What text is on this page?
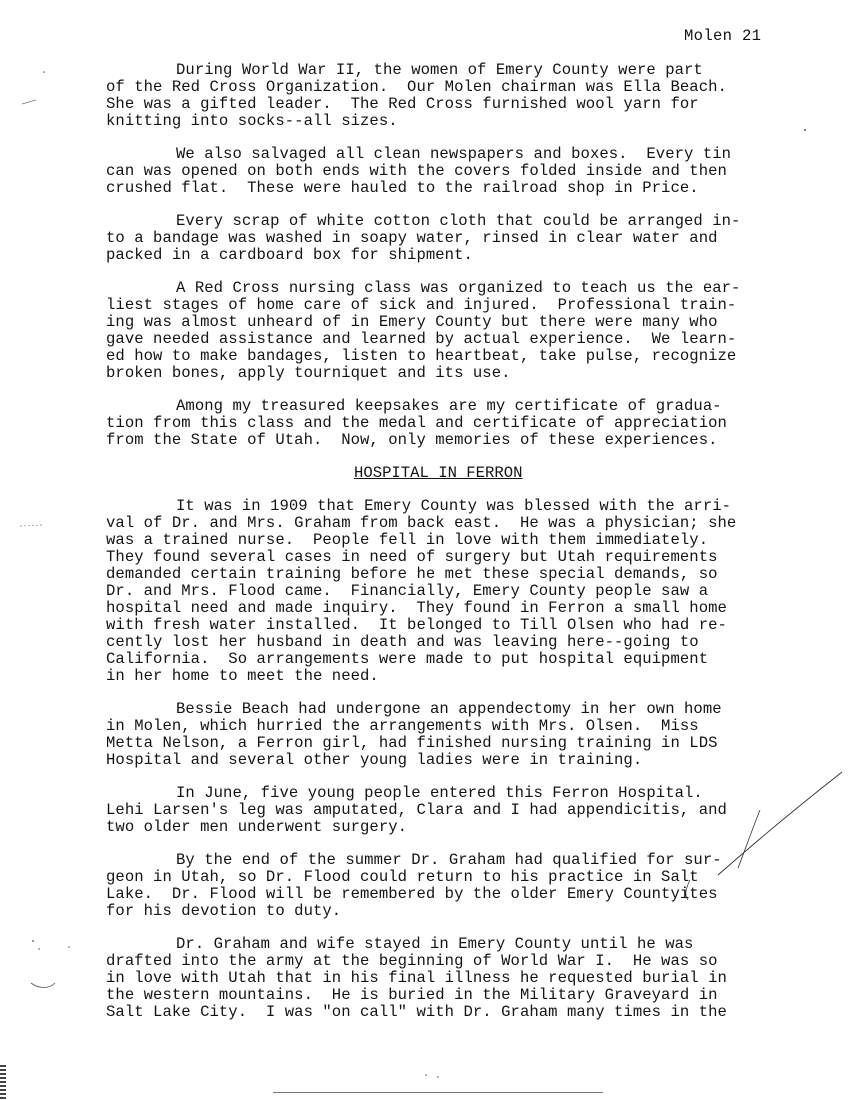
Molen 21
During World War II, the women of Emery County were part
of the Red Cross Organization.  Our Molen chairman was Ella Beach.
She was a gifted leader.  The Red Cross furnished wool yarn for
knitting into socks--all sizes.
We also salvaged all clean newspapers and boxes.  Every tin
can was opened on both ends with the covers folded inside and then
crushed flat.  These were hauled to the railroad shop in Price.
Every scrap of white cotton cloth that could be arranged in-
to a bandage was washed in soapy water, rinsed in clear water and
packed in a cardboard box for shipment.
A Red Cross nursing class was organized to teach us the ear-
liest stages of home care of sick and injured.  Professional train-
ing was almost unheard of in Emery County but there were many who
gave needed assistance and learned by actual experience.  We learn-
ed how to make bandages, listen to heartbeat, take pulse, recognize
broken bones, apply tourniquet and its use.
Among my treasured keepsakes are my certificate of gradua-
tion from this class and the medal and certificate of appreciation
from the State of Utah.  Now, only memories of these experiences.
HOSPITAL IN FERRON
It was in 1909 that Emery County was blessed with the arri-
val of Dr. and Mrs. Graham from back east.  He was a physician; she
was a trained nurse.  People fell in love with them immediately.
They found several cases in need of surgery but Utah requirements
demanded certain training before he met these special demands, so
Dr. and Mrs. Flood came.  Financially, Emery County people saw a
hospital need and made inquiry.  They found in Ferron a small home
with fresh water installed.  It belonged to Till Olsen who had re-
cently lost her husband in death and was leaving here--going to
California.  So arrangements were made to put hospital equipment
in her home to meet the need.
Bessie Beach had undergone an appendectomy in her own home
in Molen, which hurried the arrangements with Mrs. Olsen.  Miss
Metta Nelson, a Ferron girl, had finished nursing training in LDS
Hospital and several other young ladies were in training.
In June, five young people entered this Ferron Hospital.
Lehi Larsen's leg was amputated, Clara and I had appendicitis, and
two older men underwent surgery.
By the end of the summer Dr. Graham had qualified for sur-
geon in Utah, so Dr. Flood could return to his practice in Salt
Lake.  Dr. Flood will be remembered by the older Emery Countyites
for his devotion to duty.
Dr. Graham and wife stayed in Emery County until he was
drafted into the army at the beginning of World War I.  He was so
in love with Utah that in his final illness he requested burial in
the western mountains.  He is buried in the Military Graveyard in
Salt Lake City.  I was "on call" with Dr. Graham many times in the
